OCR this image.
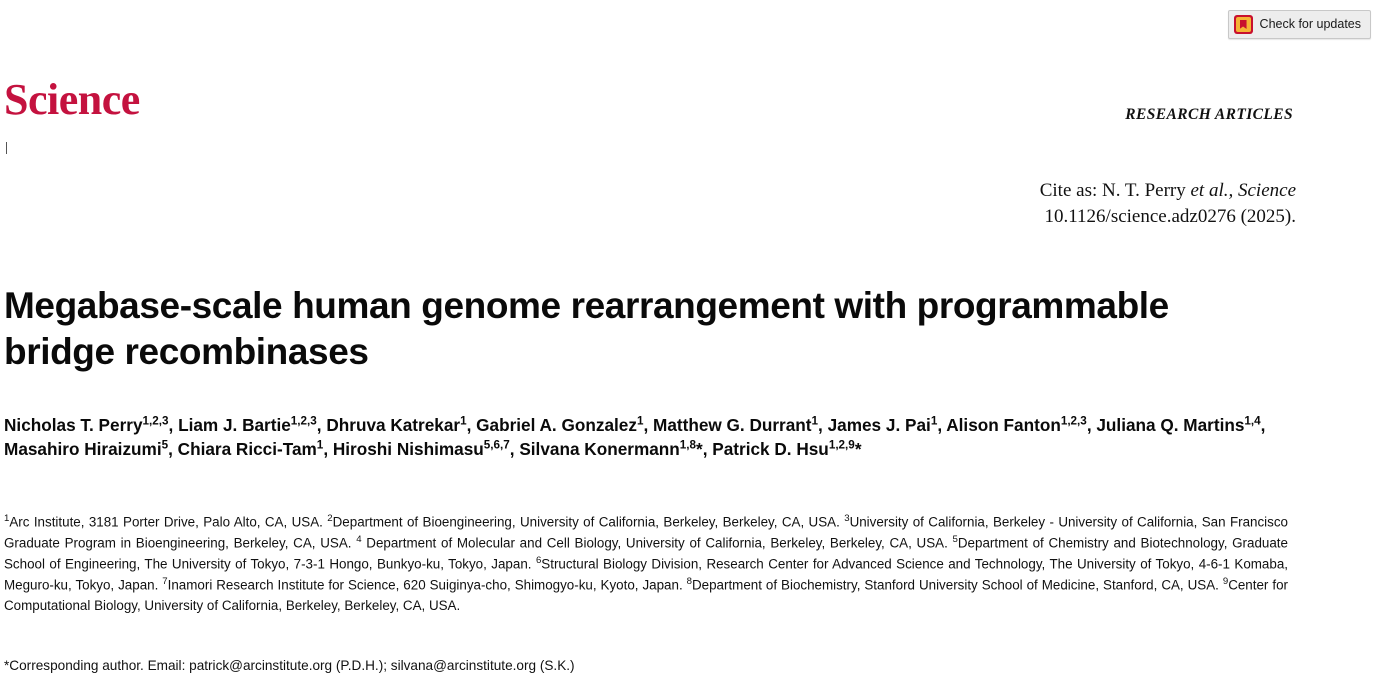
Check for updates
Science	RESEARCH ARTICLES
Cite as: N. T. Perry et al., Science
10.1126/science.adz0276 (2025).
Megabase-scale human genome rearrangement with programmable bridge recombinases
Nicholas T. Perry$^{1,2,3}$, Liam J. Bartie$^{1,2,3}$, Dhruva Katrekar$^1$, Gabriel A. Gonzalez$^1$, Matthew G. Durrant$^1$, James J. Pai$^1$, Alison Fanton$^{1,2,3}$, Juliana Q. Martins$^{1,4}$, Masahiro Hiraizumi$^5$, Chiara Ricci-Tam$^1$, Hiroshi Nishimasu$^{5,6,7}$, Silvana Konermann$^{1,8}$*, Patrick D. Hsu$^{1,2,9}$*
$^1$Arc Institute, 3181 Porter Drive, Palo Alto, CA, USA. $^2$Department of Bioengineering, University of California, Berkeley, Berkeley, CA, USA. $^3$University of California, Berkeley - University of California, San Francisco Graduate Program in Bioengineering, Berkeley, CA, USA. $^4$ Department of Molecular and Cell Biology, University of California, Berkeley, Berkeley, CA, USA. $^5$Department of Chemistry and Biotechnology, Graduate School of Engineering, The University of Tokyo, 7-3-1 Hongo, Bunkyo-ku, Tokyo, Japan. $^6$Structural Biology Division, Research Center for Advanced Science and Technology, The University of Tokyo, 4-6-1 Komaba, Meguro-ku, Tokyo, Japan. $^7$Inamori Research Institute for Science, 620 Suiginya-cho, Shimogyo-ku, Kyoto, Japan. $^8$Department of Biochemistry, Stanford University School of Medicine, Stanford, CA, USA. $^9$Center for Computational Biology, University of California, Berkeley, Berkeley, CA, USA.
*Corresponding author. Email: patrick@arcinstitute.org (P.D.H.); silvana@arcinstitute.org (S.K.)
